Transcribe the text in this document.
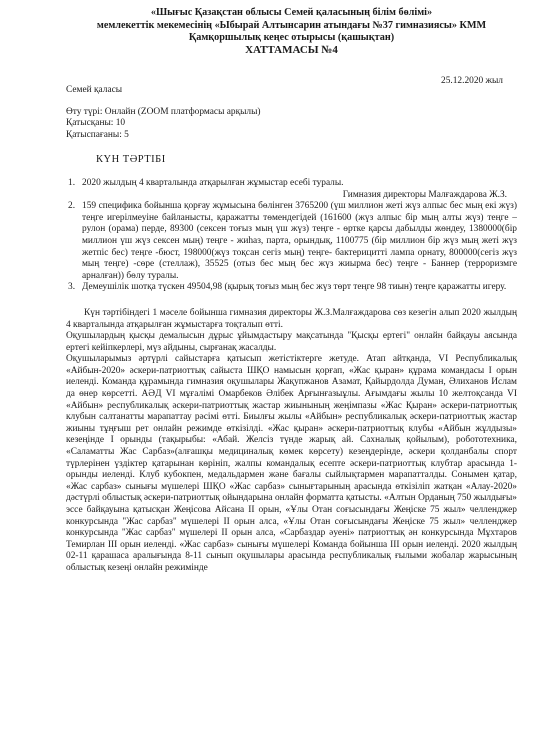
«Шығыс Қазақстан облысы Семей қаласының білім бөлімі»
мемлекеттік мекемесінің «Ыбырай Алтынсарин атындағы №37 гимназиясы» КММ
Қамқоршылық кеңес отырысы (қашықтан)
ХАТТАМАСЫ №4
Семей қаласы
25.12.2020 жыл
Өту түрі: Онлайн (ZOOM платформасы арқылы)
Қатысқаны: 10
Қатыспағаны: 5
КҮН ТӘРТІБІ
1. 2020 жылдың 4 кварталында атқарылған жұмыстар есебі туралы.
Гимназия директоры Малғаждарова Ж.З.
2. 159 спецификa бойынша қорғау жұмысына бөлінген 3765200 (үш миллион жеті жүз алпыс бес мың екі жүз) теңге игерілмеуіне байланысты, қаражатты төмендегідей (161600 (жүз алпыс бір мың алты жүз) теңге –рулон (орама) перде, 89300 (сексен тоғыз мың үш жүз) теңге - өртке қарсы дабылды жөндеу, 1380000(бір миллион үш жүз сексен мың) теңге - жиһаз, парта, орындық, 1100775 (бір миллион бір жүз мың жеті жүз жетпіс бес) теңге -бюст, 198000(жүз тоқсан сегіз мың) теңге- бактерицитті лампа орнату, 800000(сегіз жүз мың теңге) -сөре (стеллаж), 35525 (отыз бес мың бес жүз жиырма бес) теңге - Баннер (терроризмге арналған)) бөлу туралы.
3. Демеушілік шотқа түскен 49504,98 (қырық тоғыз мың бес жүз төрт теңге 98 тиын) теңге қаражатты игеру.
Күн тәртібіндегі 1 мәселе бойынша гимназия директоры Ж.З.Малғаждарова сөз кезегін алып 2020 жылдың 4 кварталында атқарылған жұмыстарға тоқталып өтті.
Оқушылардың қысқы демалысын дұрыс ұйымдастыру мақсатында "Қысқы ертегі" онлайн байқауы аясында ертегі кейіпкерлері, мүз айдыны, сырғанақ жасалды.
Оқушыларымыз әртүрлі сайыстарға қатысып жетістіктерге жетуде. Атап айтқанда, VI Республикалық «Айбын-2020» әскери-патриоттық сайыста ШҚО намысын қорғап, «Жас қыран» құрама командасы І орын иеленді. Команда құрамында гимназия оқушылары Жақупжанов Азамат, Қайырдолда Думан, Әлиханов Ислам да өнер көрсетті. АӘД VI мұғалімі Омарбеков Әлібек Арғынғазыұлы. Ағымдағы жылы 10 желтоқсанда VI «Айбын» республикалық әскери-патриоттық жастар жиынының жеңімпазы «Жас Қыран» әскери-патриоттық клубын салтанатты марапаттау рәсімі өтті. Биылғы жылы «Айбын» республикалық әскери-патриоттық жастар жиыны тұңғыш рет онлайн режимде өткізілді. «Жас қыран» әскери-патриоттық клубы «Айбын жұлдызы» кезеңінде І орынды (тақырыбы: «Абай. Желсіз түнде жарық ай. Сахналық қойылым), робототехника, «Саламатты Жас Сарбаз»(алғашқы медициналық көмек көрсету) кезеңдерінде, әскери қолданбалы спорт түрлерінен үздіктер қатарынан көрініп, жалпы командалық есепте әскери-патриоттық клубтар арасында 1-орынды иеленді. Клуб кубокпен, медальдармен және бағалы сыйлықтармен марапатталды. Сонымен қатар, «Жас сарбаз» сынығы мүшелері ШҚО «Жас сарбаз» сынығтарының арасында өткізіліп жатқан «Алау-2020» дәстүрлі облыстық әскери-патриоттық ойындарына онлайн форматта қатысты. «Алтын Орданың 750 жылдығы» эссе байқауына қатысқан Жеңісова Айсана ІІ орын, «Ұлы Отан соғысындағы Жеңіске 75 жыл» челленджер конкурсында "Жас сарбаз" мүшелері ІІ орын алса, «Ұлы Отан соғысындағы Жеңіске 75 жыл» челленджер конкурсында "Жас сарбаз" мүшелері ІІ орын алса, «Сарбаздар әуені» патриоттық ән конкурсында Мұхтаров Темирлан ІІІ орын иеленді. «Жас сарбаз» сынығы мүшелері Команда бойынша ІІІ орын иеленді. 2020 жылдың 02-11 қарашаса аралығында 8-11 сынып оқушылары арасында республикалық ғылыми жобалар жарысының облыстық кезеңі онлайн режимінде
